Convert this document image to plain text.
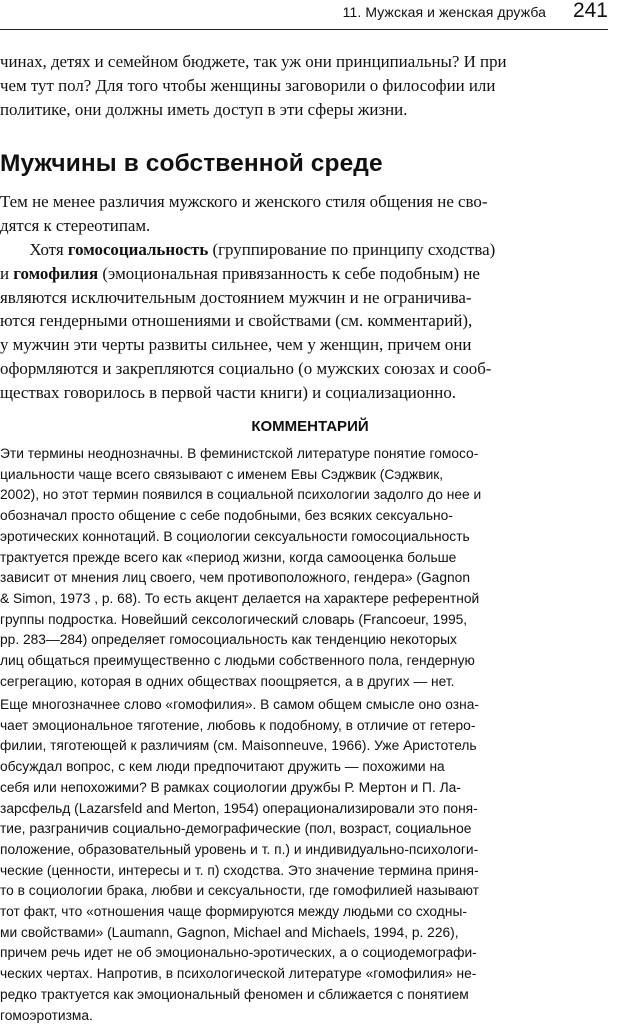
11. Мужская и женская дружба 241
чинах, детях и семейном бюджете, так уж они принципиальны? И при
чем тут пол? Для того чтобы женщины заговорили о философии или
политике, они должны иметь доступ в эти сферы жизни.
Мужчины в собственной среде
Тем не менее различия мужского и женского стиля общения не сво-
дятся к стереотипам.
Хотя гомосоциальность (группирование по принципу сходства)
и гомофилия (эмоциональная привязанность к себе подобным) не
являются исключительным достоянием мужчин и не ограничива-
ются гендерными отношениями и свойствами (см. комментарий),
у мужчин эти черты развиты сильнее, чем у женщин, причем они
оформляются и закрепляются социально (о мужских союзах и сооб-
ществах говорилось в первой части книги) и социализационно.
КОММЕНТАРИЙ
Эти термины неоднозначны. В феминистской литературе понятие гомосо-
циальности чаще всего связывают с именем Евы Сэджвик (Сэджвик,
2002), но этот термин появился в социальной психологии задолго до нее и
обозначал просто общение с себе подобными, без всяких сексуально-
эротических коннотаций. В социологии сексуальности гомосоциальность
трактуется прежде всего как «период жизни, когда самооценка больше
зависит от мнения лиц своего, чем противоположного, гендера» (Gagnon
& Simon, 1973 , p. 68). То есть акцент делается на характере референтной
группы подростка. Новейший сексологический словарь (Francoeur, 1995,
pp. 283—284) определяет гомосоциальность как тенденцию некоторых
лиц общаться преимущественно с людьми собственного пола, гендерную
сегрегацию, которая в одних обществах поощряется, а в других — нет.
Еще многозначнее слово «гомофилия». В самом общем смысле оно озна-
чает эмоциональное тяготение, любовь к подобному, в отличие от гетеро-
филии, тяготеющей к различиям (см. Maisonneuve, 1966). Уже Аристотель
обсуждал вопрос, с кем люди предпочитают дружить — похожими на
себя или непохожими? В рамках социологии дружбы Р. Мертон и П. Ла-
зарсфельд (Lazarsfeld and Merton, 1954) операционализировали это поня-
тие, разграничив социально-демографические (пол, возраст, социальное
положение, образовательный уровень и т. п.) и индивидуально-психологи-
ческие (ценности, интересы и т. п) сходства. Это значение термина приня-
то в социологии брака, любви и сексуальности, где гомофилией называют
тот факт, что «отношения чаще формируются между людьми со сходны-
ми свойствами» (Laumann, Gagnon, Michael and Michaels, 1994, p. 226),
причем речь идет не об эмоционально-эротических, а о социодемографи-
ческих чертах. Напротив, в психологической литературе «гомофилия» не-
редко трактуется как эмоциональный феномен и сближается с понятием
гомоэротизма.
